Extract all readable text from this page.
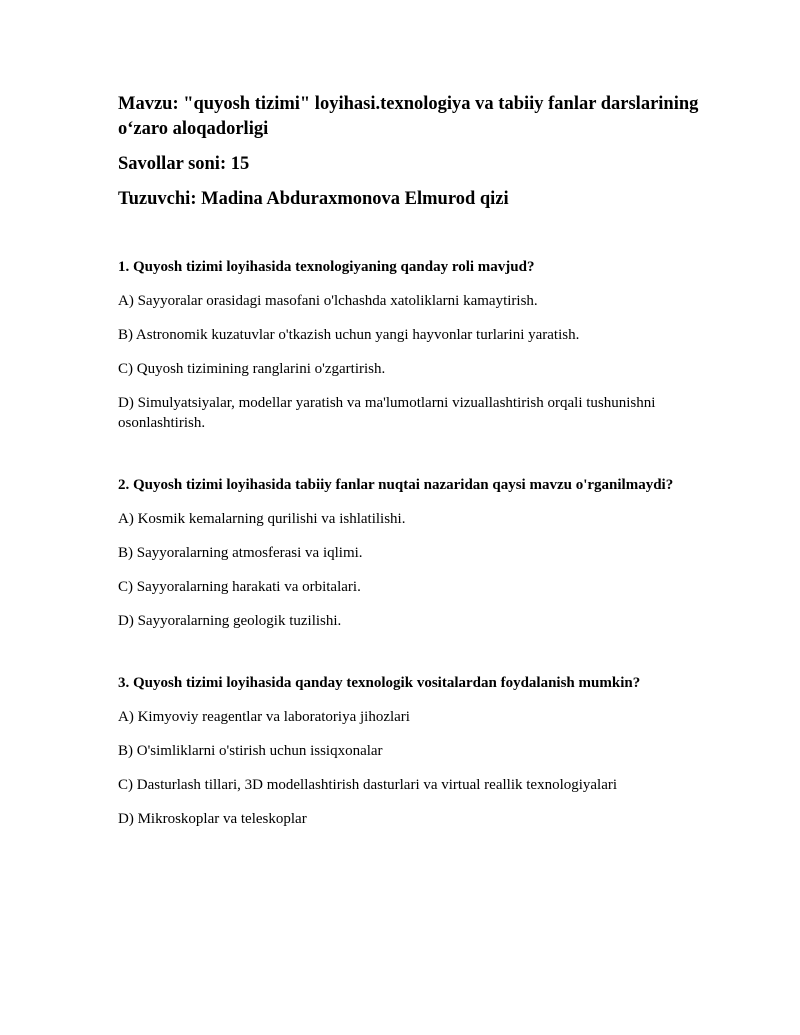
Mavzu: "quyosh tizimi" loyihasi.texnologiya va tabiiy fanlar darslarining o‘zaro aloqadorligi

Savollar soni: 15

Tuzuvchi: Madina Abduraxmonova Elmurod qizi

1. Quyosh tizimi loyihasida texnologiyaning qanday roli mavjud?

A) Sayyoralar orasidagi masofani o'lchashda xatoliklarni kamaytirish.

B) Astronomik kuzatuvlar o'tkazish uchun yangi hayvonlar turlarini yaratish.

C) Quyosh tizimining ranglarini o'zgartirish.

D) Simulyatsiyalar, modellar yaratish va ma'lumotlarni vizuallashtirish orqali tushunishni osonlashtirish.

2. Quyosh tizimi loyihasida tabiiy fanlar nuqtai nazaridan qaysi mavzu o'rganilmaydi?

A) Kosmik kemalarning qurilishi va ishlatilishi.

B) Sayyoralarning atmosferasi va iqlimi.

C) Sayyoralarning harakati va orbitalari.

D) Sayyoralarning geologik tuzilishi.

3. Quyosh tizimi loyihasida qanday texnologik vositalardan foydalanish mumkin?

A) Kimyoviy reagentlar va laboratoriya jihozlari

B) O'simliklarni o'stirish uchun issiqxonalar

C) Dasturlash tillari, 3D modellashtirish dasturlari va virtual reallik texnologiyalari

D) Mikroskoplar va teleskoplar
